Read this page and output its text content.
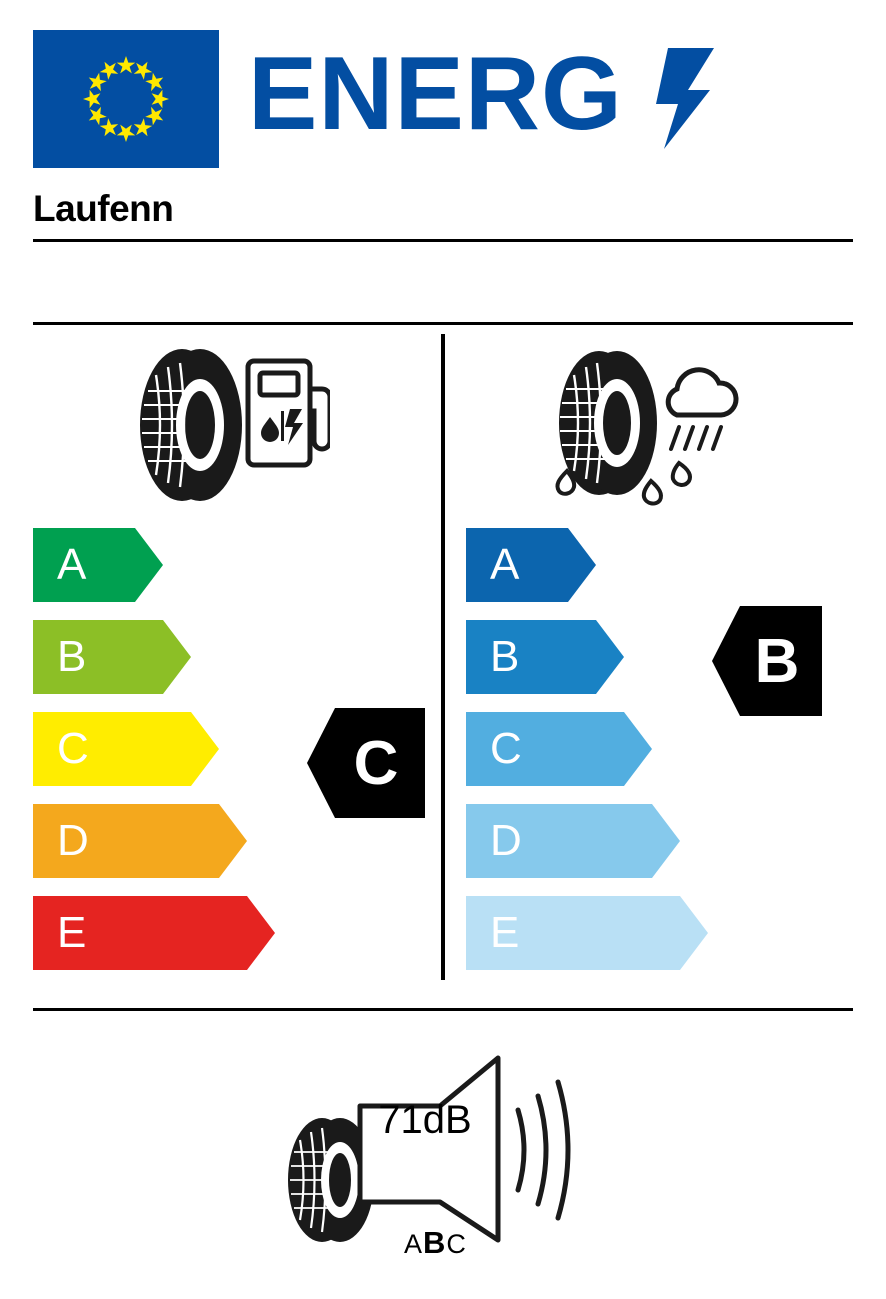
ENERG
Laufenn
A
B
C
D
E
A
B
C
D
E
C
B
71dB
ABC
